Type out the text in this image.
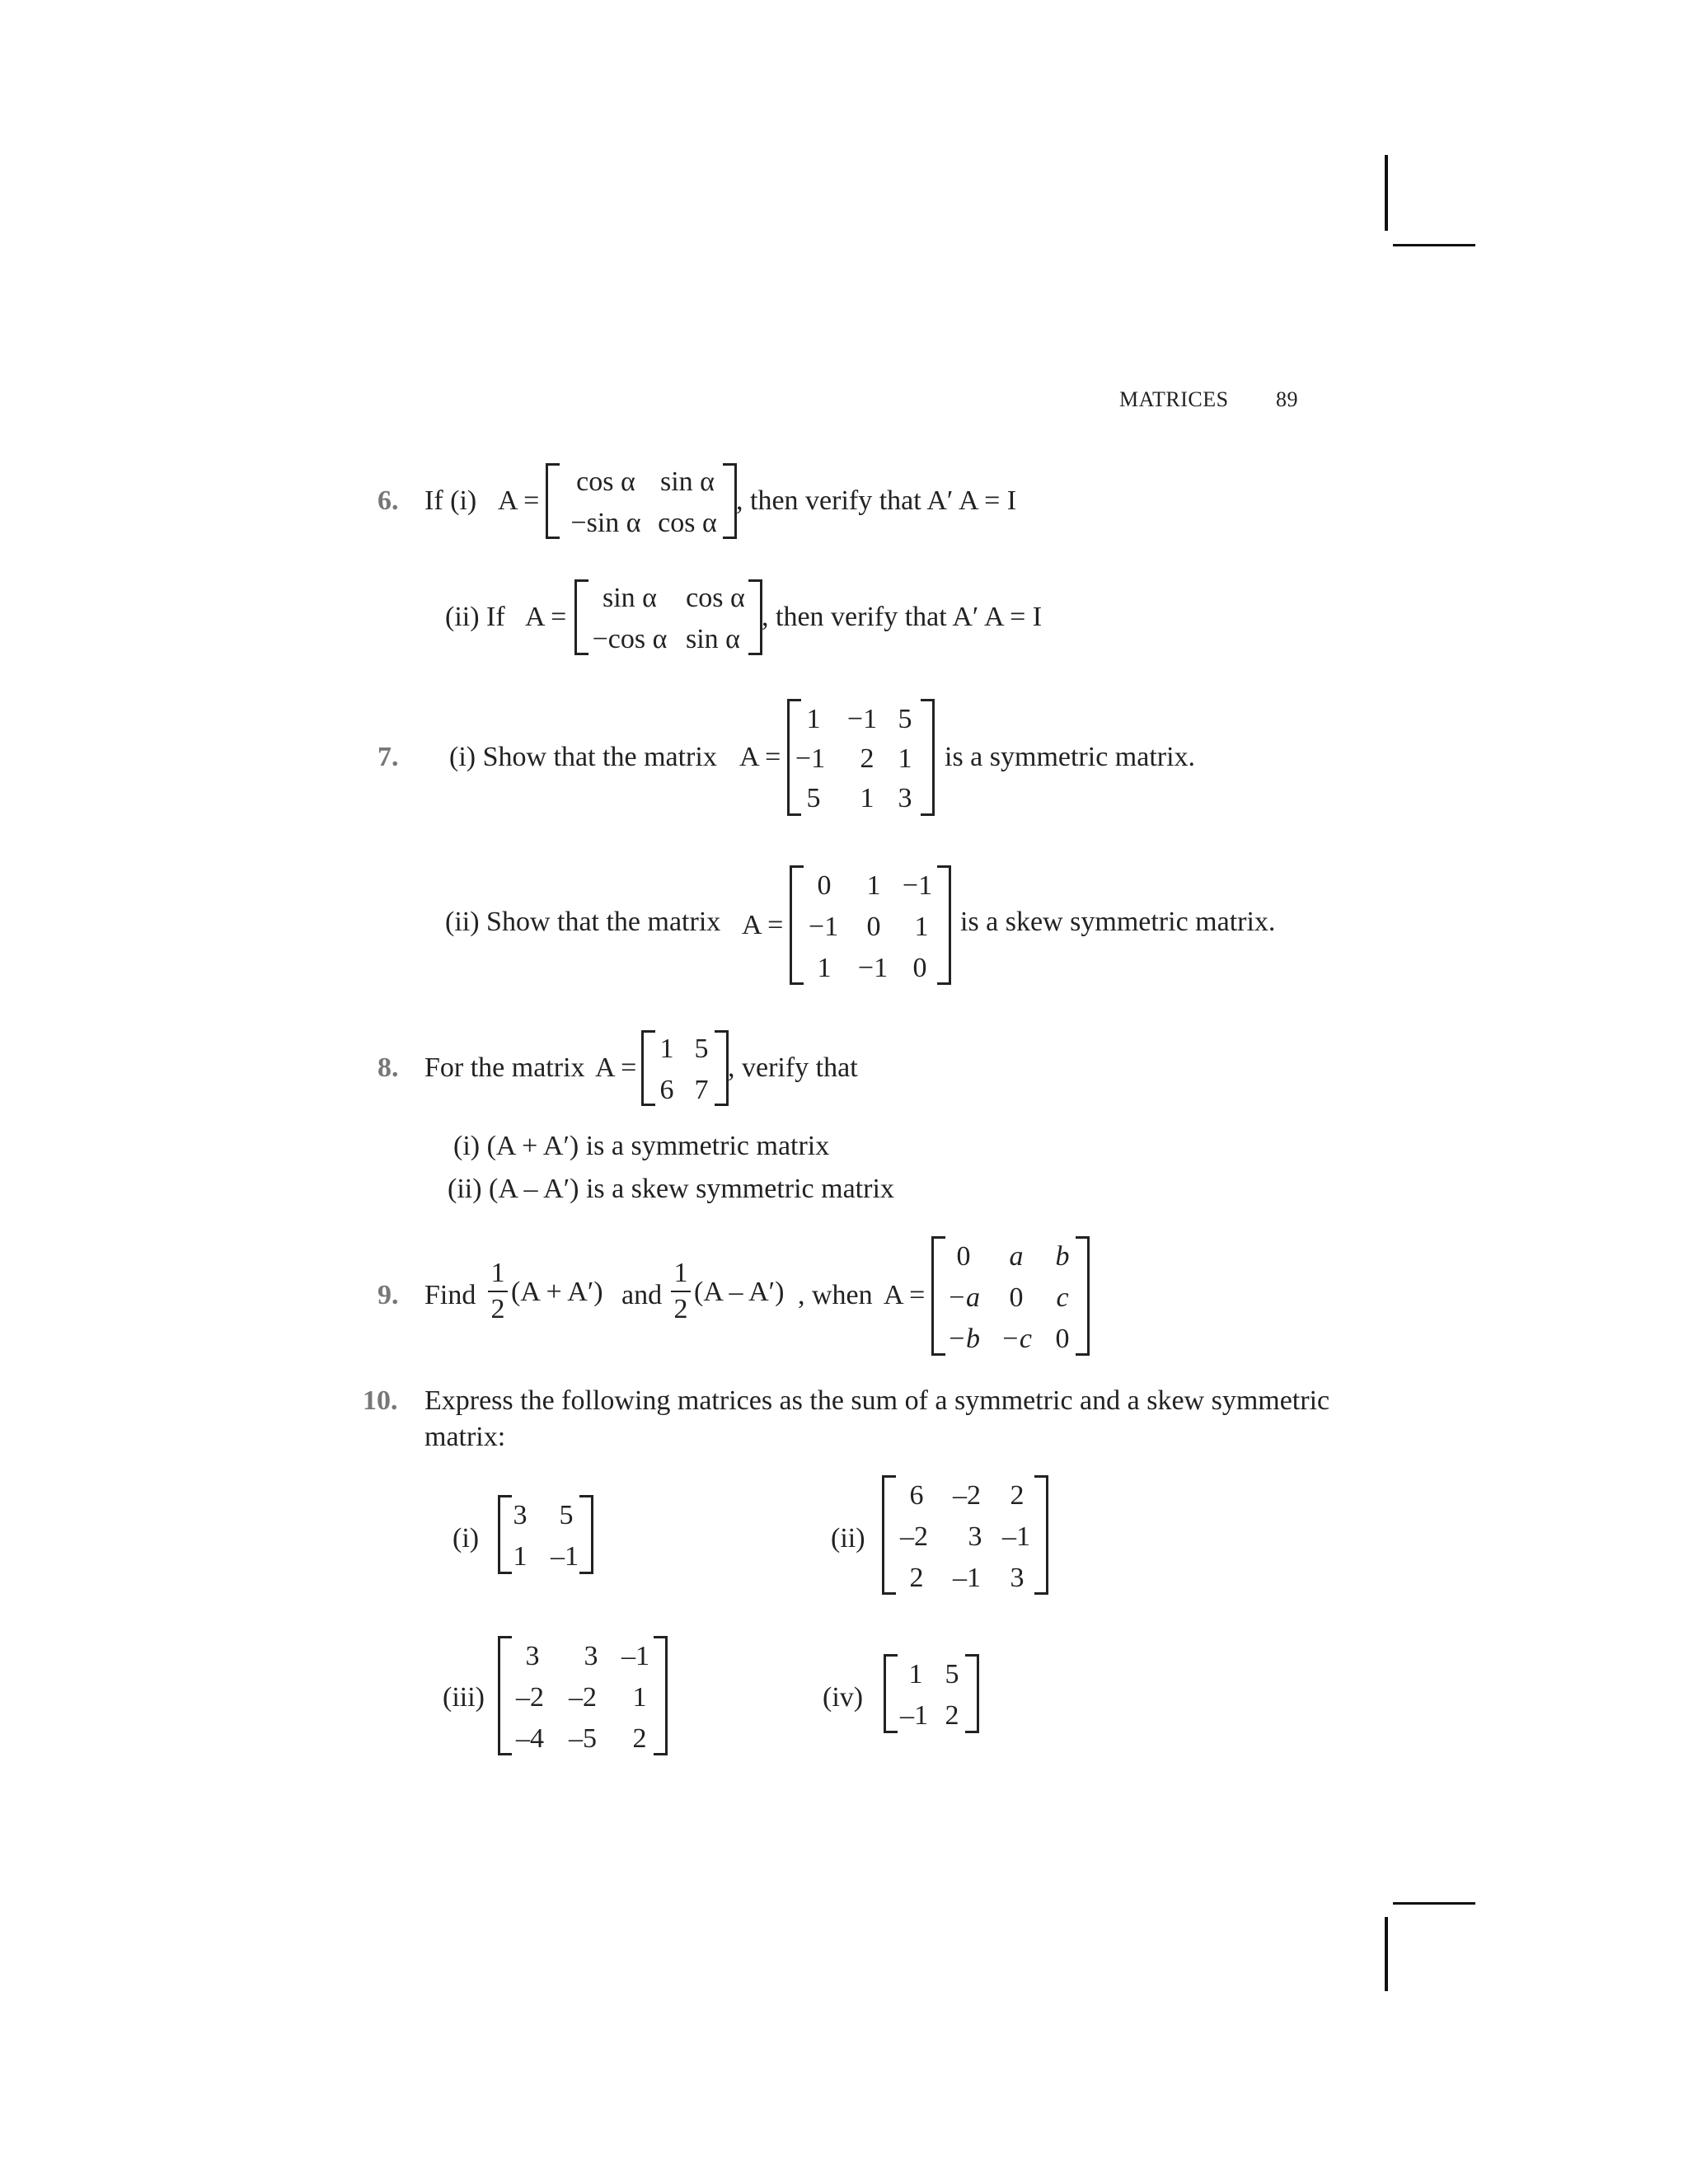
MATRICES 89
6. If (i) A =
cos α sin α
−sin α cos α
, then verify that A′ A = I
(ii) If A =
sin α	cos α
−cos α sin α
, then verify that A′ A = I
7. (i) Show that the matrix A =
1 −1 5
−1	2 1
5	1 3
is a symmetric matrix.
(ii) Show that the matrix A =
0	1 −1
−1	0	1
1 −1 0
is a skew symmetric matrix.
8. For the matrix A =
1 5
6 7
, verify that
(i) (A + A′) is a symmetric matrix
(ii) (A – A′) is a skew symmetric matrix
9. Find
1
2
(A + A′) and
1
2
(A – A′) , when A =
0	a	b
−a	0	c
−b −c 0
10. Express the following matrices as the sum of a symmetric and a skew symmetric
matrix:
(i)
3	5
1 –1
(ii)
6	–2	2
–2	3 –1
2	–1	3
(iii)
3	3 –1
–2 –2	1
–4 –5	2
(iv)
1 5
–1 2
